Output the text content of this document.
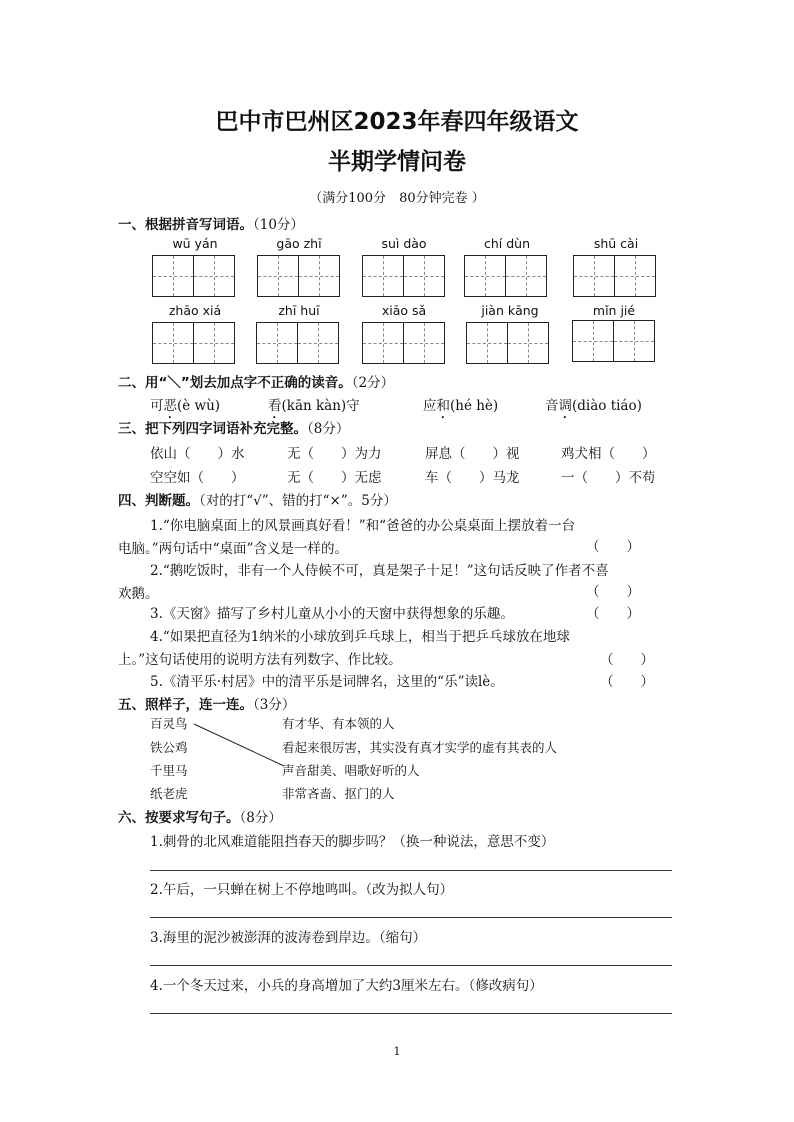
巴中市巴州区2023年春四年级语文
半期学情问卷
（满分100分　80分钟完卷 ）
一、根据拼音写词语。（10分）
wū yán	gāo zhī	suì dào	chí dùn	shū cài
zhāo xiá	zhī huī	xiāo sǎ	jiàn kāng	mǐn jié
二、用“＼”划去加点字不正确的读音。（2分）
可恶(è wù)	看(kān kàn)守	应和(hé hè)	音调(diào tiáo)
三、把下列四字词语补充完整。（8分）
依山（　　）水	无（　　）为力	屏息（　　）视	鸡犬相（　　）
空空如（　　）	无（　　）无虑	车（　　）马龙	一（　　）不苟
四、判断题。（对的打“√”、错的打“×”。5分）
1.“你电脑桌面上的风景画真好看！”和“爸爸的办公桌桌面上摆放着一台
电脑。”两句话中“桌面”含义是一样的。	（　　）
2.“鹅吃饭时，非有一个人侍候不可，真是架子十足！”这句话反映了作者不喜
欢鹅。	（　　）
3.《天窗》描写了乡村儿童从小小的天窗中获得想象的乐趣。	（　　）
4.“如果把直径为1纳米的小球放到乒乓球上，相当于把乒乓球放在地球
上。”这句话使用的说明方法有列数字、作比较。	（　　）
5.《清平乐·村居》中的清平乐是词牌名，这里的“乐”读lè。	（　　）
五、照样子，连一连。（3分）
百灵鸟
铁公鸡
千里马
纸老虎
有才华、有本领的人
看起来很厉害，其实没有真才实学的虚有其表的人
声音甜美、唱歌好听的人
非常吝啬、抠门的人
六、按要求写句子。（8分）
1.刺骨的北风难道能阻挡春天的脚步吗？（换一种说法，意思不变）
2.午后，一只蝉在树上不停地鸣叫。（改为拟人句）
3.海里的泥沙被澎湃的波涛卷到岸边。（缩句）
4.一个冬天过来，小兵的身高增加了大约3厘米左右。（修改病句）
1
